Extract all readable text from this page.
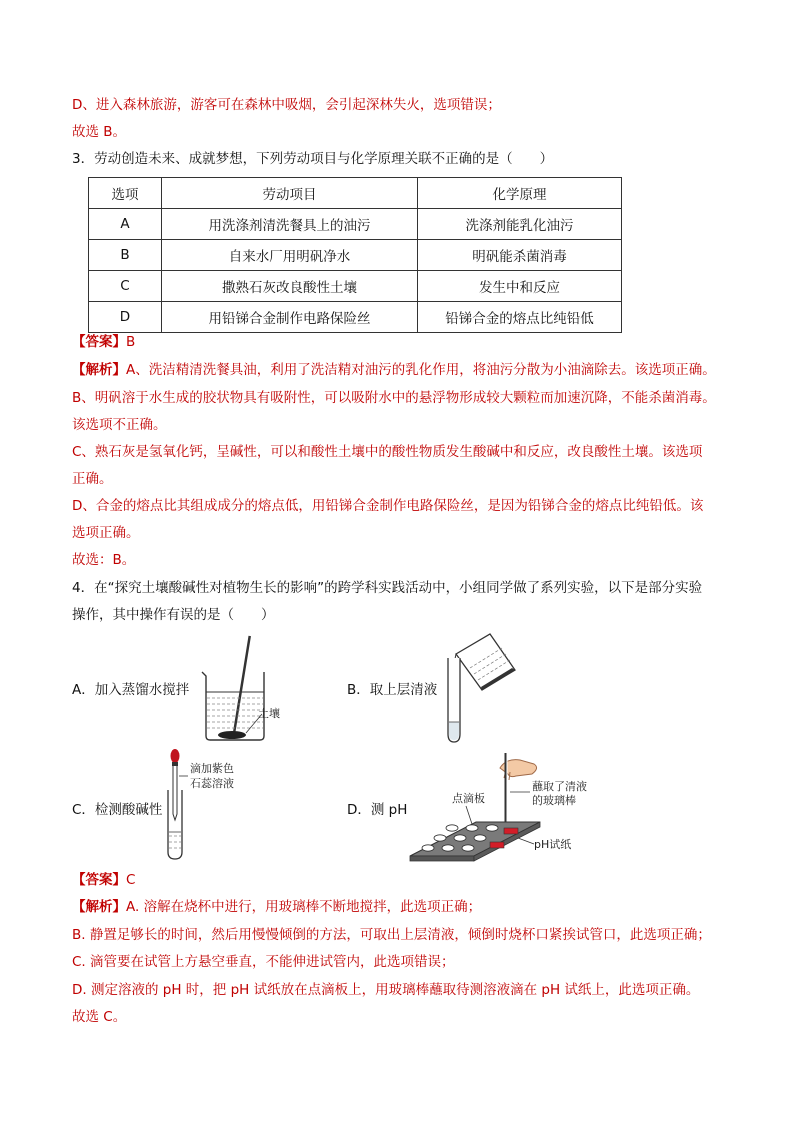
D、进入森林旅游，游客可在森林中吸烟，会引起深林失火，选项错误；
故选 B。
3．劳动创造未来、成就梦想，下列劳动项目与化学原理关联不正确的是（　　）
选项	劳动项目	化学原理
A	用洗涤剂清洗餐具上的油污	洗涤剂能乳化油污
B	自来水厂用明矾净水	明矾能杀菌消毒
C	撒熟石灰改良酸性土壤	发生中和反应
D	用铅锑合金制作电路保险丝	铅锑合金的熔点比纯铅低
【答案】B
【解析】A、洗洁精清洗餐具油，利用了洗洁精对油污的乳化作用，将油污分散为小油滴除去。该选项正确。
B、明矾溶于水生成的胶状物具有吸附性，可以吸附水中的悬浮物形成较大颗粒而加速沉降，不能杀菌消毒。
该选项不正确。
C、熟石灰是氢氧化钙，呈碱性，可以和酸性土壤中的酸性物质发生酸碱中和反应，改良酸性土壤。该选项
正确。
D、合金的熔点比其组成成分的熔点低，用铅锑合金制作电路保险丝，是因为铅锑合金的熔点比纯铅低。该
选项正确。
故选：B。
4．在“探究土壤酸碱性对植物生长的影响”的跨学科实践活动中，小组同学做了系列实验，以下是部分实验
操作，其中操作有误的是（　　）
A．加入蒸馏水搅拌	B．取上层清液
C．检测酸碱性	D．测 pH
土壤
滴加紫色
石蕊溶液
点滴板
蘸取了清液
的玻璃棒
pH试纸
【答案】C
【解析】A. 溶解在烧杯中进行，用玻璃棒不断地搅拌，此选项正确；
B. 静置足够长的时间，然后用慢慢倾倒的方法，可取出上层清液，倾倒时烧杯口紧挨试管口，此选项正确；
C. 滴管要在试管上方悬空垂直，不能伸进试管内，此选项错误；
D. 测定溶液的 pH 时，把 pH 试纸放在点滴板上，用玻璃棒蘸取待测溶液滴在 pH 试纸上，此选项正确。
故选 C。
